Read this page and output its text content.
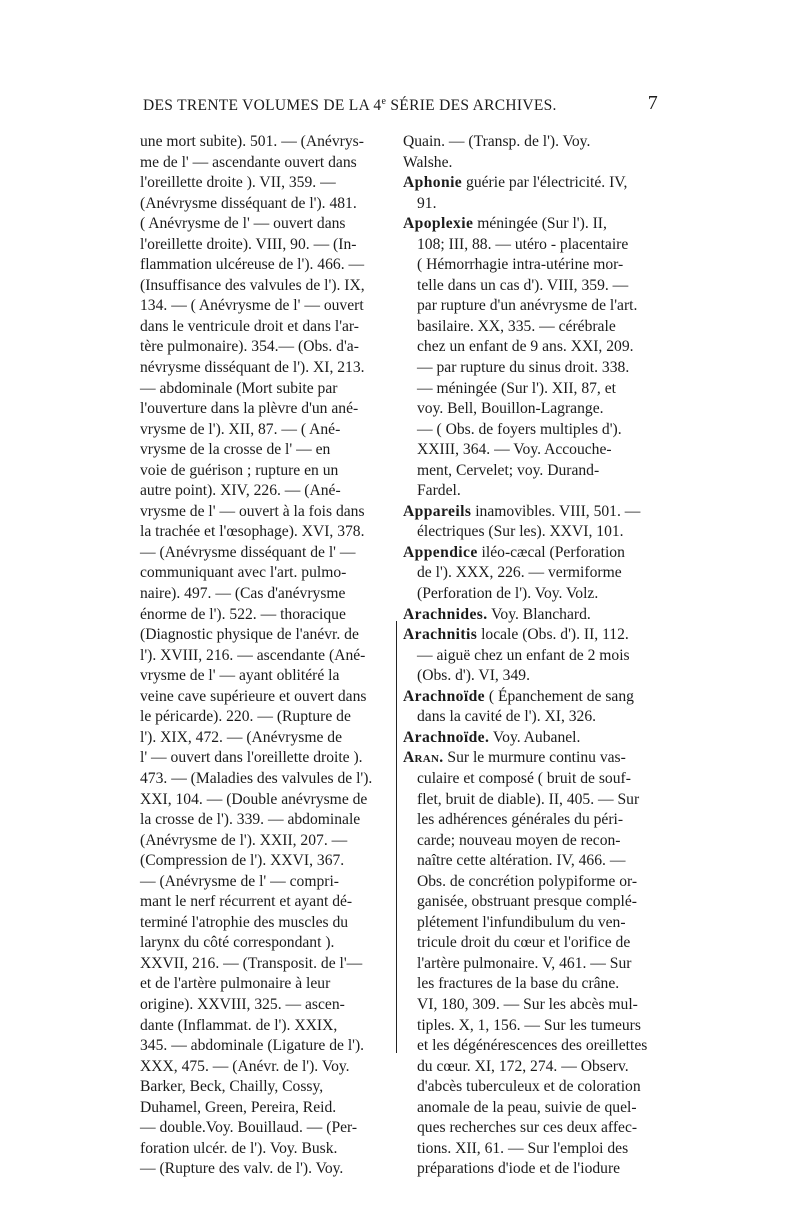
DES TRENTE VOLUMES DE LA 4e SÉRIE DES ARCHIVES.	7
une mort subite). 501. — (Anévrys-
me de l' — ascendante ouvert dans
l'oreillette droite ). VII, 359. —
(Anévrysme disséquant de l'). 481.
( Anévrysme de l' — ouvert dans
l'oreillette droite). VIII, 90. — (In-
flammation ulcéreuse de l'). 466. —
(Insuffisance des valvules de l'). IX,
134. — ( Anévrysme de l' — ouvert
dans le ventricule droit et dans l'ar-
tère pulmonaire). 354.— (Obs. d'a-
névrysme disséquant de l'). XI, 213.
— abdominale (Mort subite par
l'ouverture dans la plèvre d'un ané-
vrysme de l'). XII, 87. — ( Ané-
vrysme de la crosse de l' — en
voie de guérison ; rupture en un
autre point). XIV, 226. — (Ané-
vrysme de l' — ouvert à la fois dans
la trachée et l'œsophage). XVI, 378.
— (Anévrysme disséquant de l' —
communiquant avec l'art. pulmo-
naire). 497. — (Cas d'anévrysme
énorme de l'). 522. — thoracique
(Diagnostic physique de l'anévr. de
l'). XVIII, 216. — ascendante (Ané-
vrysme de l' — ayant oblitéré la
veine cave supérieure et ouvert dans
le péricarde). 220. — (Rupture de
l'). XIX, 472. — (Anévrysme de
l' — ouvert dans l'oreillette droite ).
473. — (Maladies des valvules de l').
XXI, 104. — (Double anévrysme de
la crosse de l'). 339. — abdominale
(Anévrysme de l'). XXII, 207. —
(Compression de l'). XXVI, 367.
— (Anévrysme de l' — compri-
mant le nerf récurrent et ayant dé-
terminé l'atrophie des muscles du
larynx du côté correspondant ).
XXVII, 216. — (Transposit. de l'—
et de l'artère pulmonaire à leur
origine). XXVIII, 325. — ascen-
dante (Inflammat. de l'). XXIX,
345. — abdominale (Ligature de l').
XXX, 475. — (Anévr. de l'). Voy.
Barker, Beck, Chailly, Cossy,
Duhamel, Green, Pereira, Reid.
— double.Voy. Bouillaud. — (Per-
foration ulcér. de l'). Voy. Busk.
— (Rupture des valv. de l'). Voy.
Quain. — (Transp. de l'). Voy.
Walshe.
Aphonie guérie par l'électricité. IV,
91.
Apoplexie méningée (Sur l'). II,
108; III, 88. — utéro - placentaire
( Hémorrhagie intra-utérine mor-
telle dans un cas d'). VIII, 359. —
par rupture d'un anévrysme de l'art.
basilaire. XX, 335. — cérébrale
chez un enfant de 9 ans. XXI, 209.
— par rupture du sinus droit. 338.
— méningée (Sur l'). XII, 87, et
voy. Bell, Bouillon-Lagrange.
— ( Obs. de foyers multiples d').
XXIII, 364. — Voy. Accouche-
ment, Cervelet; voy. Durand-
Fardel.
Appareils inamovibles. VIII, 501. —
électriques (Sur les). XXVI, 101.
Appendice iléo-cæcal (Perforation
de l'). XXX, 226. — vermiforme
(Perforation de l'). Voy. Volz.
Arachnides. Voy. Blanchard.
Arachnitis locale (Obs. d'). II, 112.
— aiguë chez un enfant de 2 mois
(Obs. d'). VI, 349.
Arachnoïde ( Épanchement de sang
dans la cavité de l'). XI, 326.
Arachnoïde. Voy. Aubanel.
Aran. Sur le murmure continu vas-
culaire et composé ( bruit de souf-
flet, bruit de diable). II, 405. — Sur
les adhérences générales du péri-
carde; nouveau moyen de recon-
naître cette altération. IV, 466. —
Obs. de concrétion polypiforme or-
ganisée, obstruant presque complé-
plétement l'infundibulum du ven-
tricule droit du cœur et l'orifice de
l'artère pulmonaire. V, 461. — Sur
les fractures de la base du crâne.
VI, 180, 309. — Sur les abcès mul-
tiples. X, 1, 156. — Sur les tumeurs
et les dégénérescences des oreillettes
du cœur. XI, 172, 274. — Observ.
d'abcès tuberculeux et de coloration
anomale de la peau, suivie de quel-
ques recherches sur ces deux affec-
tions. XII, 61. — Sur l'emploi des
préparations d'iode et de l'iodure
